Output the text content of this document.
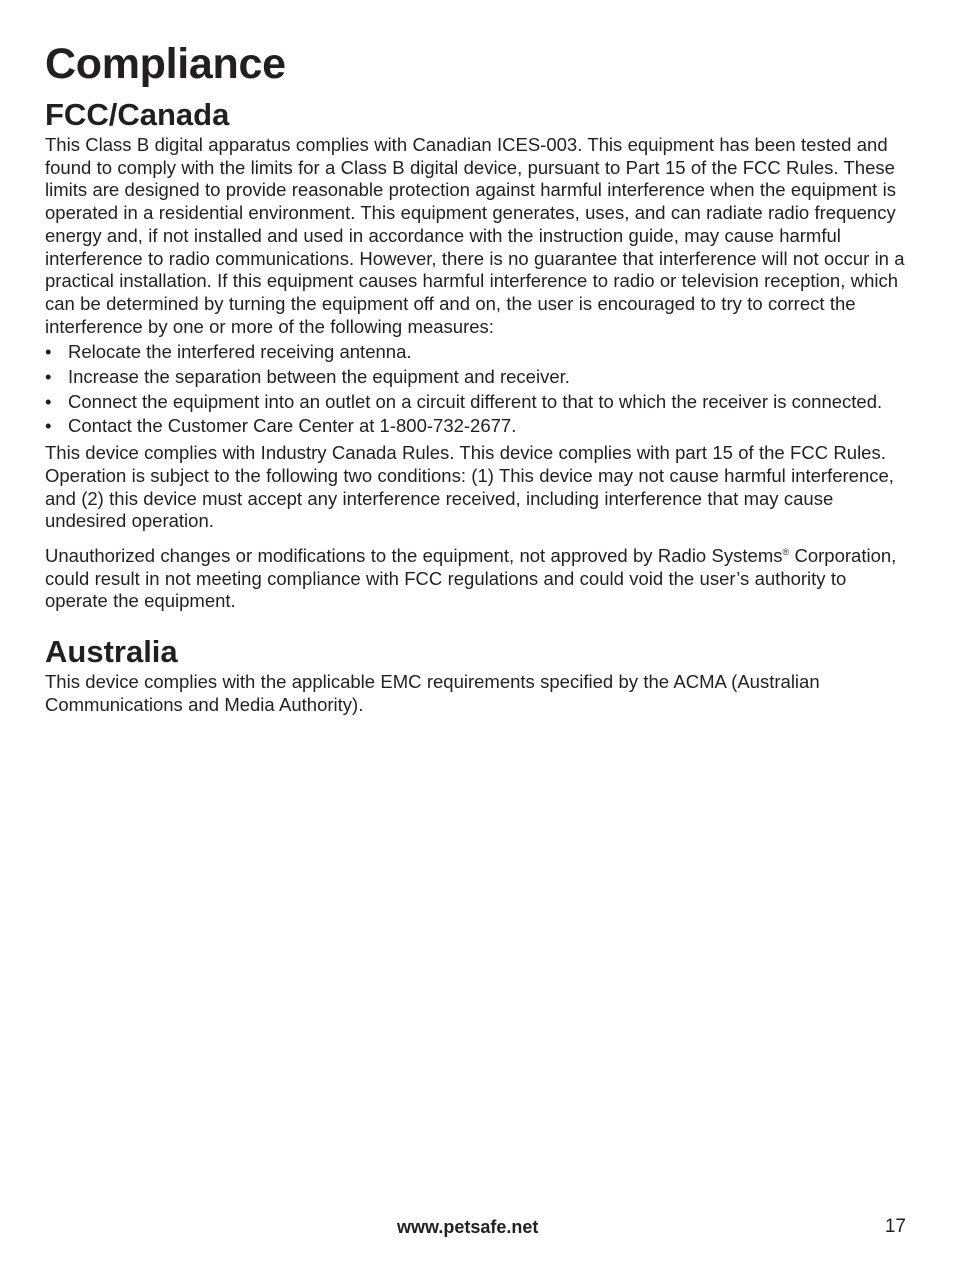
Compliance
FCC/Canada

This Class B digital apparatus complies with Canadian ICES-003. This equipment has been tested and found to comply with the limits for a Class B digital device, pursuant to Part 15 of the FCC Rules. These limits are designed to provide reasonable protection against harmful interference when the equipment is operated in a residential environment. This equipment generates, uses, and can radiate radio frequency energy and, if not installed and used in accordance with the instruction guide, may cause harmful interference to radio communications. However, there is no guarantee that interference will not occur in a practical installation. If this equipment causes harmful interference to radio or television reception, which can be determined by turning the equipment off and on, the user is encouraged to try to correct the interference by one or more of the following measures:

• Relocate the interfered receiving antenna.
• Increase the separation between the equipment and receiver.
• Connect the equipment into an outlet on a circuit different to that to which the receiver is connected.
• Contact the Customer Care Center at 1-800-732-2677.

This device complies with Industry Canada Rules. This device complies with part 15 of the FCC Rules. Operation is subject to the following two conditions: (1) This device may not cause harmful interference, and (2) this device must accept any interference received, including interference that may cause undesired operation.

Unauthorized changes or modifications to the equipment, not approved by Radio Systems® Corporation, could result in not meeting compliance with FCC regulations and could void the user’s authority to operate the equipment.

Australia

This device complies with the applicable EMC requirements specified by the ACMA (Australian Communications and Media Authority).

www.petsafe.net	17
